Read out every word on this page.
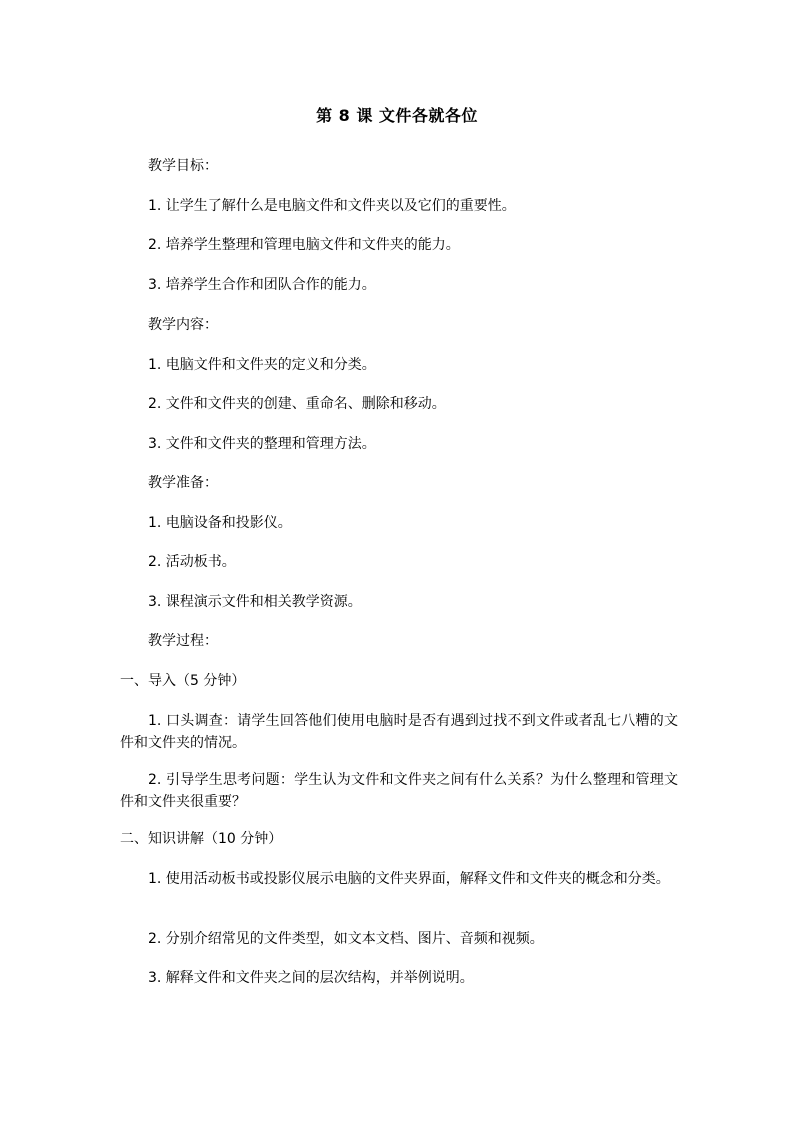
第 8 课 文件各就各位
教学目标：
1. 让学生了解什么是电脑文件和文件夹以及它们的重要性。
2. 培养学生整理和管理电脑文件和文件夹的能力。
3. 培养学生合作和团队合作的能力。
教学内容：
1. 电脑文件和文件夹的定义和分类。
2. 文件和文件夹的创建、重命名、删除和移动。
3. 文件和文件夹的整理和管理方法。
教学准备：
1. 电脑设备和投影仪。
2. 活动板书。
3. 课程演示文件和相关教学资源。
教学过程：
一、导入（5 分钟）
1. 口头调查：请学生回答他们使用电脑时是否有遇到过找不到文件或者乱七八糟的文件和文件夹的情况。
2. 引导学生思考问题：学生认为文件和文件夹之间有什么关系？为什么整理和管理文件和文件夹很重要？
二、知识讲解（10 分钟）
1. 使用活动板书或投影仪展示电脑的文件夹界面，解释文件和文件夹的概念和分类。
2. 分别介绍常见的文件类型，如文本文档、图片、音频和视频。
3. 解释文件和文件夹之间的层次结构，并举例说明。
